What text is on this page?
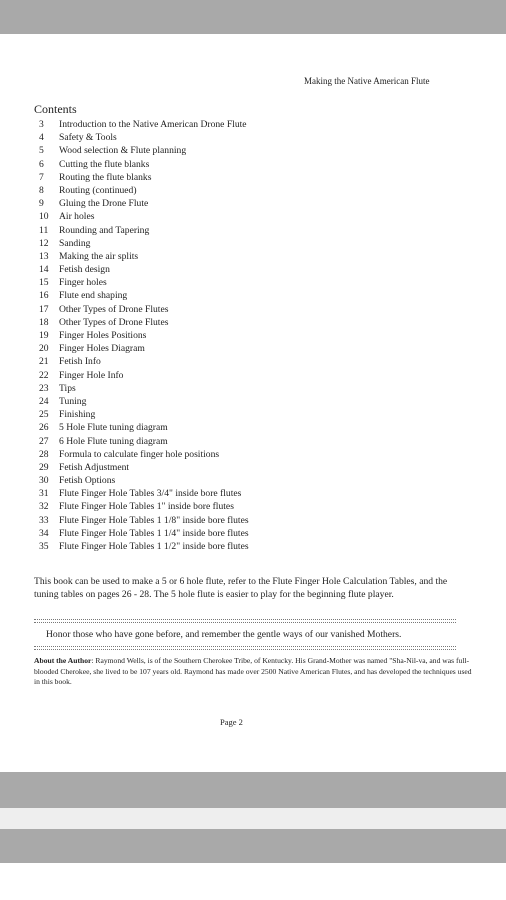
Making the Native American Flute
Contents
3 Introduction to the Native American Drone Flute
4 Safety & Tools
5 Wood selection & Flute planning
6 Cutting the flute blanks
7 Routing the flute blanks
8 Routing (continued)
9 Gluing the Drone Flute
10 Air holes
11 Rounding and Tapering
12 Sanding
13 Making the air splits
14 Fetish design
15 Finger holes
16 Flute end shaping
17 Other Types of Drone Flutes
18 Other Types of Drone Flutes
19 Finger Holes Positions
20 Finger Holes Diagram
21 Fetish Info
22 Finger Hole Info
23 Tips
24 Tuning
25 Finishing
26 5 Hole Flute tuning diagram
27 6 Hole Flute tuning diagram
28 Formula to calculate finger hole positions
29 Fetish Adjustment
30 Fetish Options
31 Flute Finger Hole Tables 3/4" inside bore flutes
32 Flute Finger Hole Tables 1" inside bore flutes
33 Flute Finger Hole Tables 1 1/8" inside bore flutes
34 Flute Finger Hole Tables 1 1/4" inside bore flutes
35 Flute Finger Hole Tables 1 1/2" inside bore flutes

This book can be used to make a 5 or 6 hole flute, refer to the Flute Finger Hole Calculation Tables, and the tuning tables on pages 26 - 28. The 5 hole flute is easier to play for the beginning flute player.

Honor those who have gone before, and remember the gentle ways of our vanished Mothers.

About the Author: Raymond Wells, is of the Southern Cherokee Tribe, of Kentucky. His Grand-Mother was named "Sha-Nil-va, and was full-blooded Cherokee, she lived to be 107 years old. Raymond has made over 2500 Native American Flutes, and has developed the techniques used in this book.

Page 2
